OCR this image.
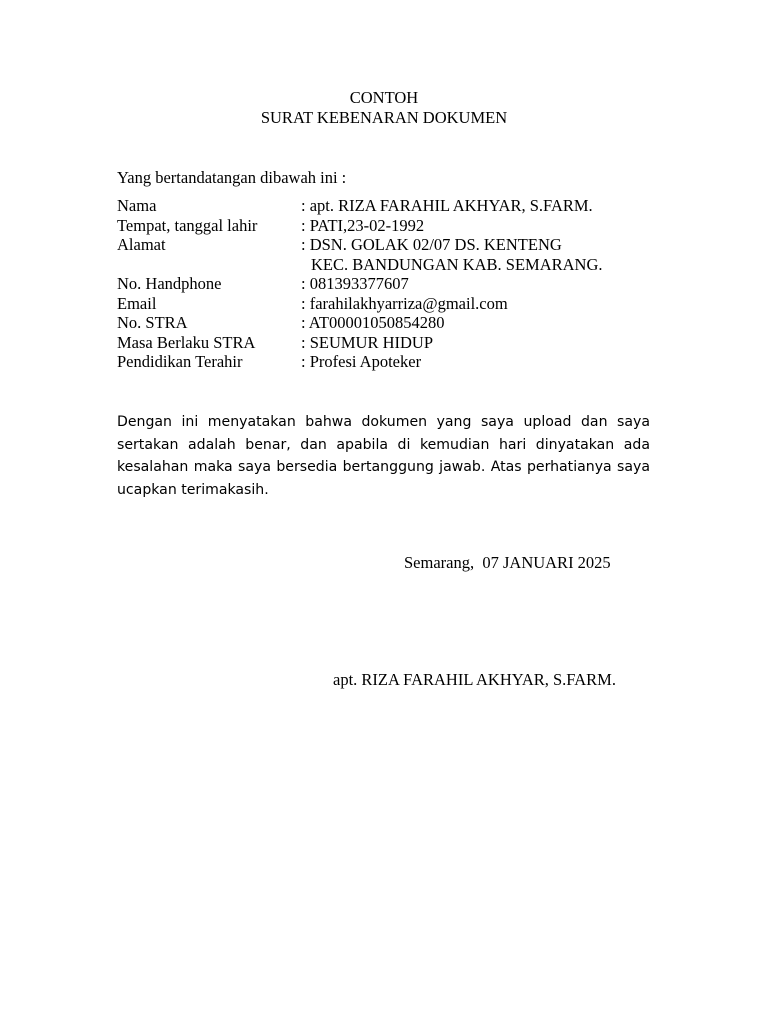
CONTOH
SURAT KEBENARAN DOKUMEN
Yang bertandatangan dibawah ini :
Nama	: apt. RIZA FARAHIL AKHYAR, S.FARM.
Tempat, tanggal lahir	: PATI,23-02-1992
Alamat	: DSN. GOLAK 02/07 DS. KENTENG
KEC. BANDUNGAN KAB. SEMARANG.
No. Handphone	: 081393377607
Email	: farahilakhyarriza@gmail.com
No. STRA	: AT00001050854280
Masa Berlaku STRA	: SEUMUR HIDUP
Pendidikan Terahir	: Profesi Apoteker
Dengan ini menyatakan bahwa dokumen yang saya upload dan saya sertakan adalah benar, dan apabila di kemudian hari dinyatakan ada kesalahan maka saya bersedia bertanggung jawab. Atas perhatianya saya ucapkan terimakasih.
Semarang,  07 JANUARI 2025
apt. RIZA FARAHIL AKHYAR, S.FARM.
